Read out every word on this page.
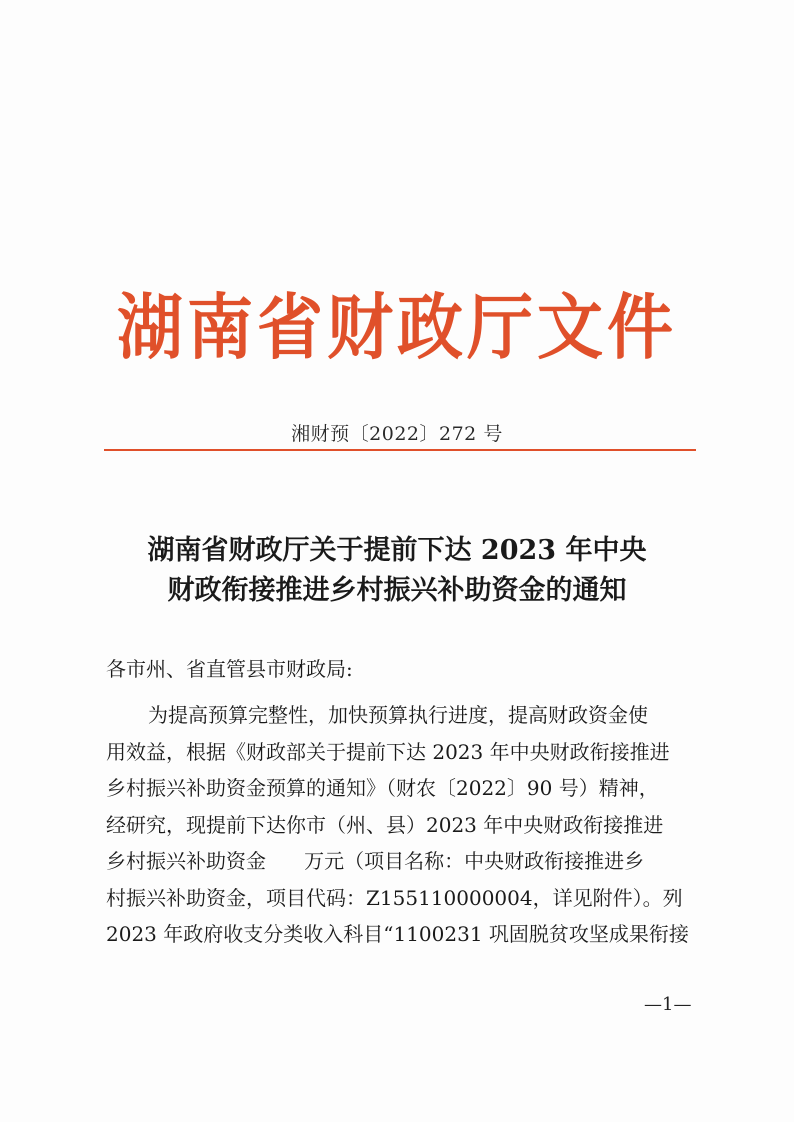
湖南省财政厅文件
湘财预〔2022〕272 号
湖南省财政厅关于提前下达 2023 年中央
财政衔接推进乡村振兴补助资金的通知
各市州、省直管县市财政局:
为提高预算完整性，加快预算执行进度，提高财政资金使
用效益，根据《财政部关于提前下达 2023 年中央财政衔接推进
乡村振兴补助资金预算的通知》（财农〔2022〕90 号）精神，
经研究，现提前下达你市（州、县）2023 年中央财政衔接推进
乡村振兴补助资金      万元（项目名称：中央财政衔接推进乡
村振兴补助资金，项目代码：Z155110000004，详见附件）。列
2023 年政府收支分类收入科目“1100231 巩固脱贫攻坚成果衔接
—1—
